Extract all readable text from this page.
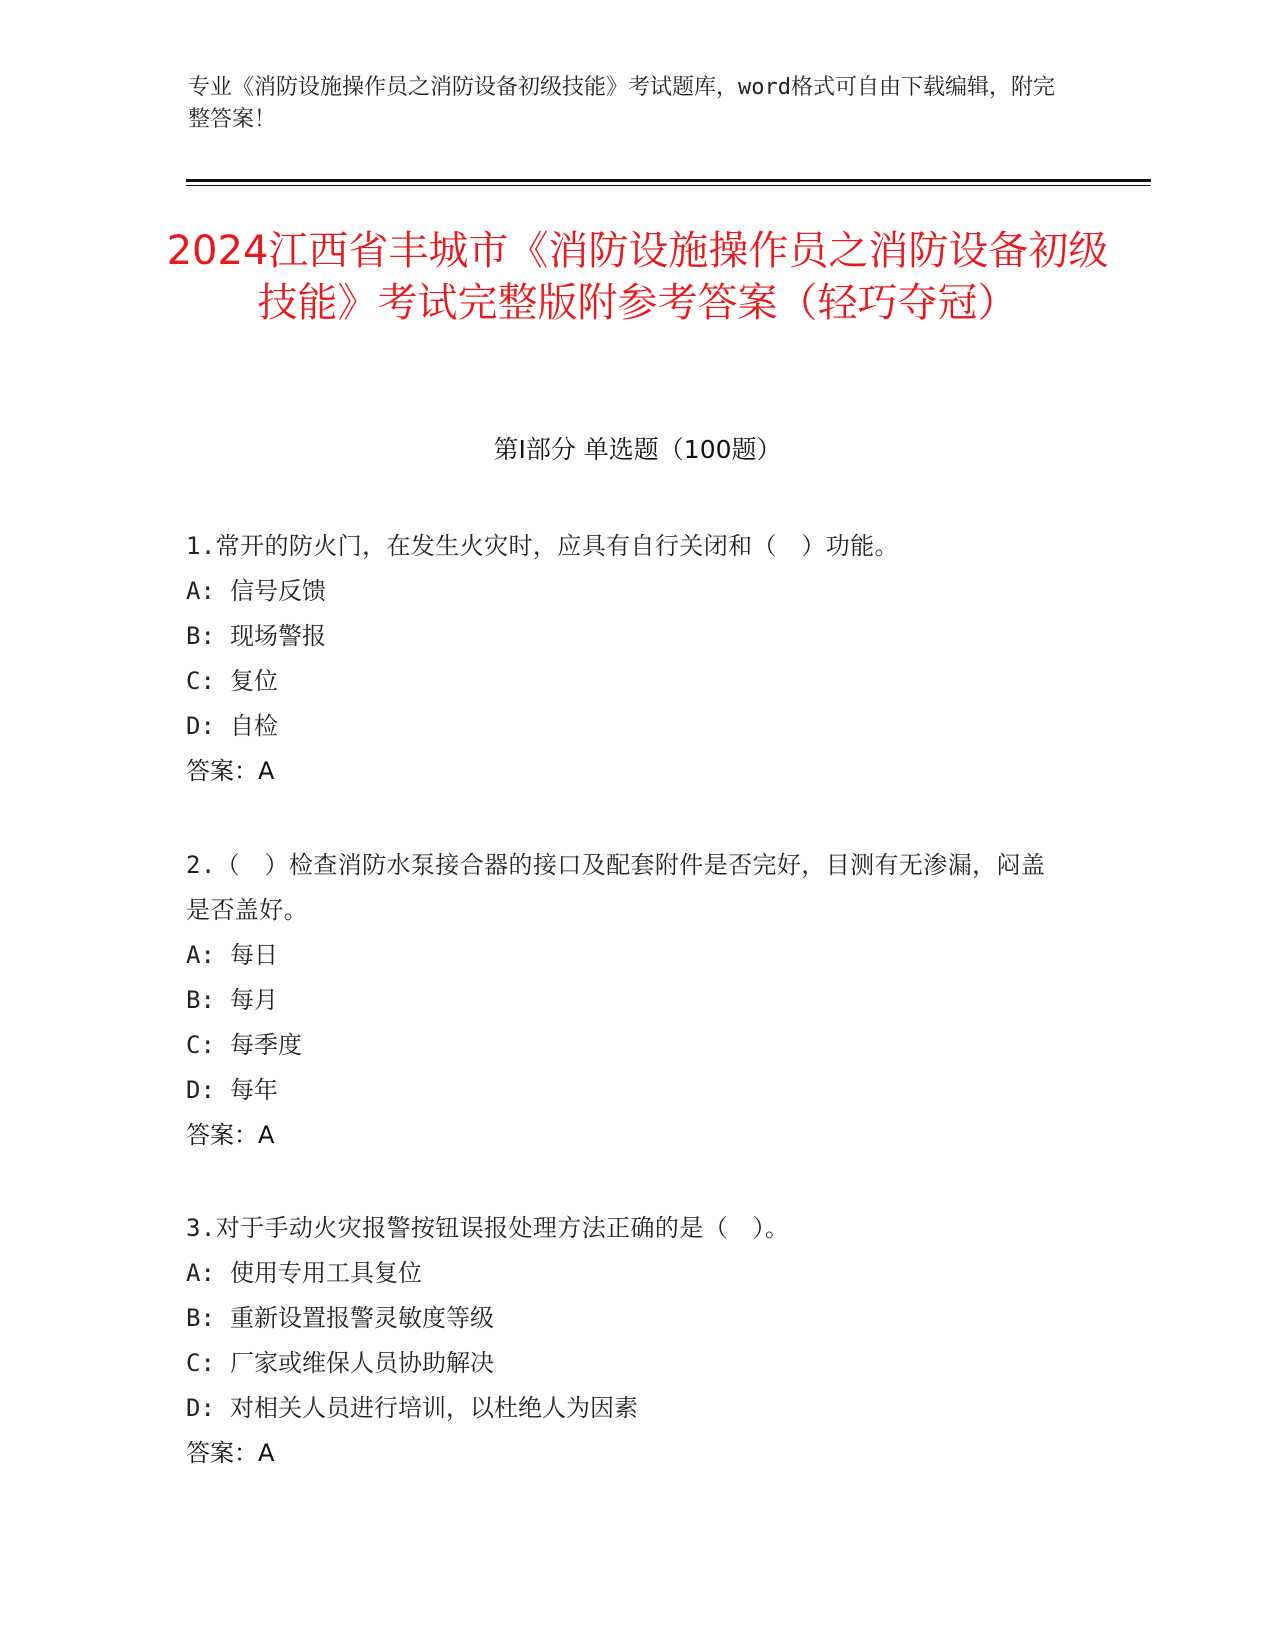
专业《消防设施操作员之消防设备初级技能》考试题库，word格式可自由下载编辑，附完整答案！
2024江西省丰城市《消防设施操作员之消防设备初级技能》考试完整版附参考答案（轻巧夺冠）
第I部分 单选题（100题）
1.常开的防火门，在发生火灾时，应具有自行关闭和（　）功能。
A: 信号反馈
B: 现场警报
C: 复位
D: 自检
答案：A
2.（　）检查消防水泵接合器的接口及配套附件是否完好，目测有无渗漏，闷盖是否盖好。
A: 每日
B: 每月
C: 每季度
D: 每年
答案：A
3.对于手动火灾报警按钮误报处理方法正确的是（　）。
A: 使用专用工具复位
B: 重新设置报警灵敏度等级
C: 厂家或维保人员协助解决
D: 对相关人员进行培训，以杜绝人为因素
答案：A
